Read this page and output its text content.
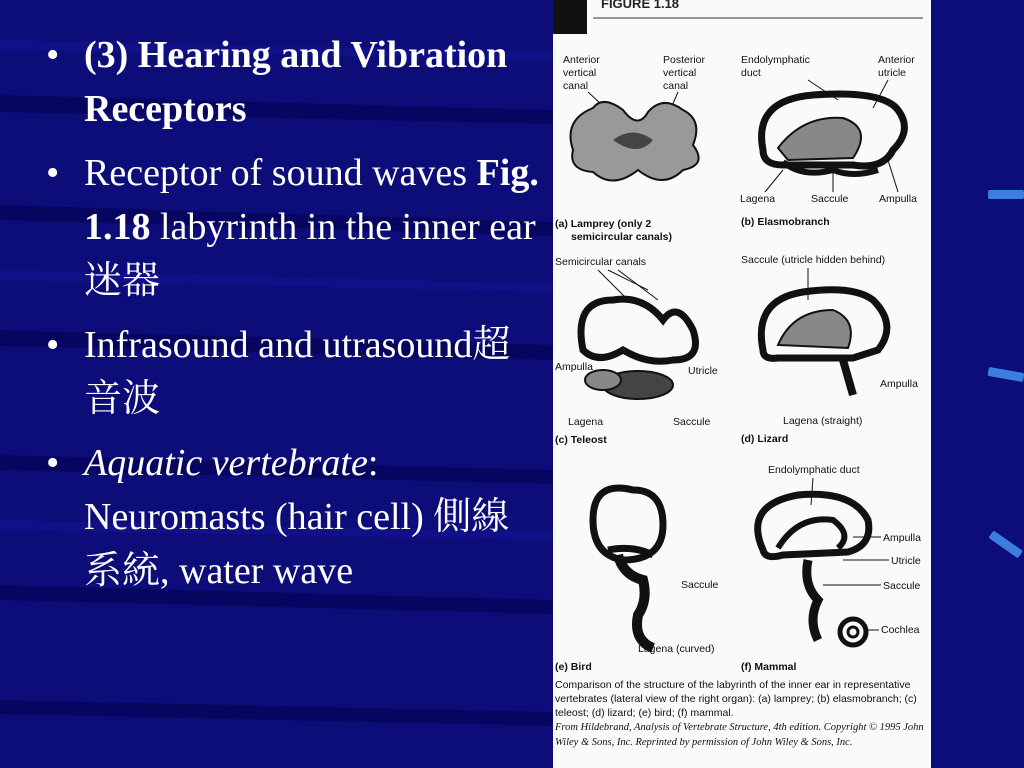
• (3) Hearing and Vibration Receptors
• Receptor of sound waves Fig. 1.18 labyrinth in the inner ear迷器
• Infrasound and utrasound超音波
• Aquatic vertebrate: Neuromasts (hair cell) 側線系統, water wave
FIGURE 1.18
Anterior
vertical
canal
Posterior
vertical
canal
(a) Lamprey (only 2
semicircular canals)
Endolymphatic
duct
Anterior
utricle
Lagena	Saccule	Ampulla
(b) Elasmobranch
Semicircular canals
Ampulla	Utricle
Lagena	Saccule
(c) Teleost
Saccule (utricle hidden behind)
Ampulla
Lagena (straight)
(d) Lizard
Saccule
Lagena (curved)
(e) Bird
Endolymphatic duct
Ampulla
Utricle
Saccule
Cochlea
(f) Mammal
Comparison of the structure of the labyrinth of the inner ear in representative vertebrates (lateral view of the right organ): (a) lamprey; (b) elasmobranch; (c) teleost; (d) lizard; (e) bird; (f) mammal.
From Hildebrand, Analysis of Vertebrate Structure, 4th edition. Copyright © 1995 John Wiley & Sons, Inc. Reprinted by permission of John Wiley & Sons, Inc.
